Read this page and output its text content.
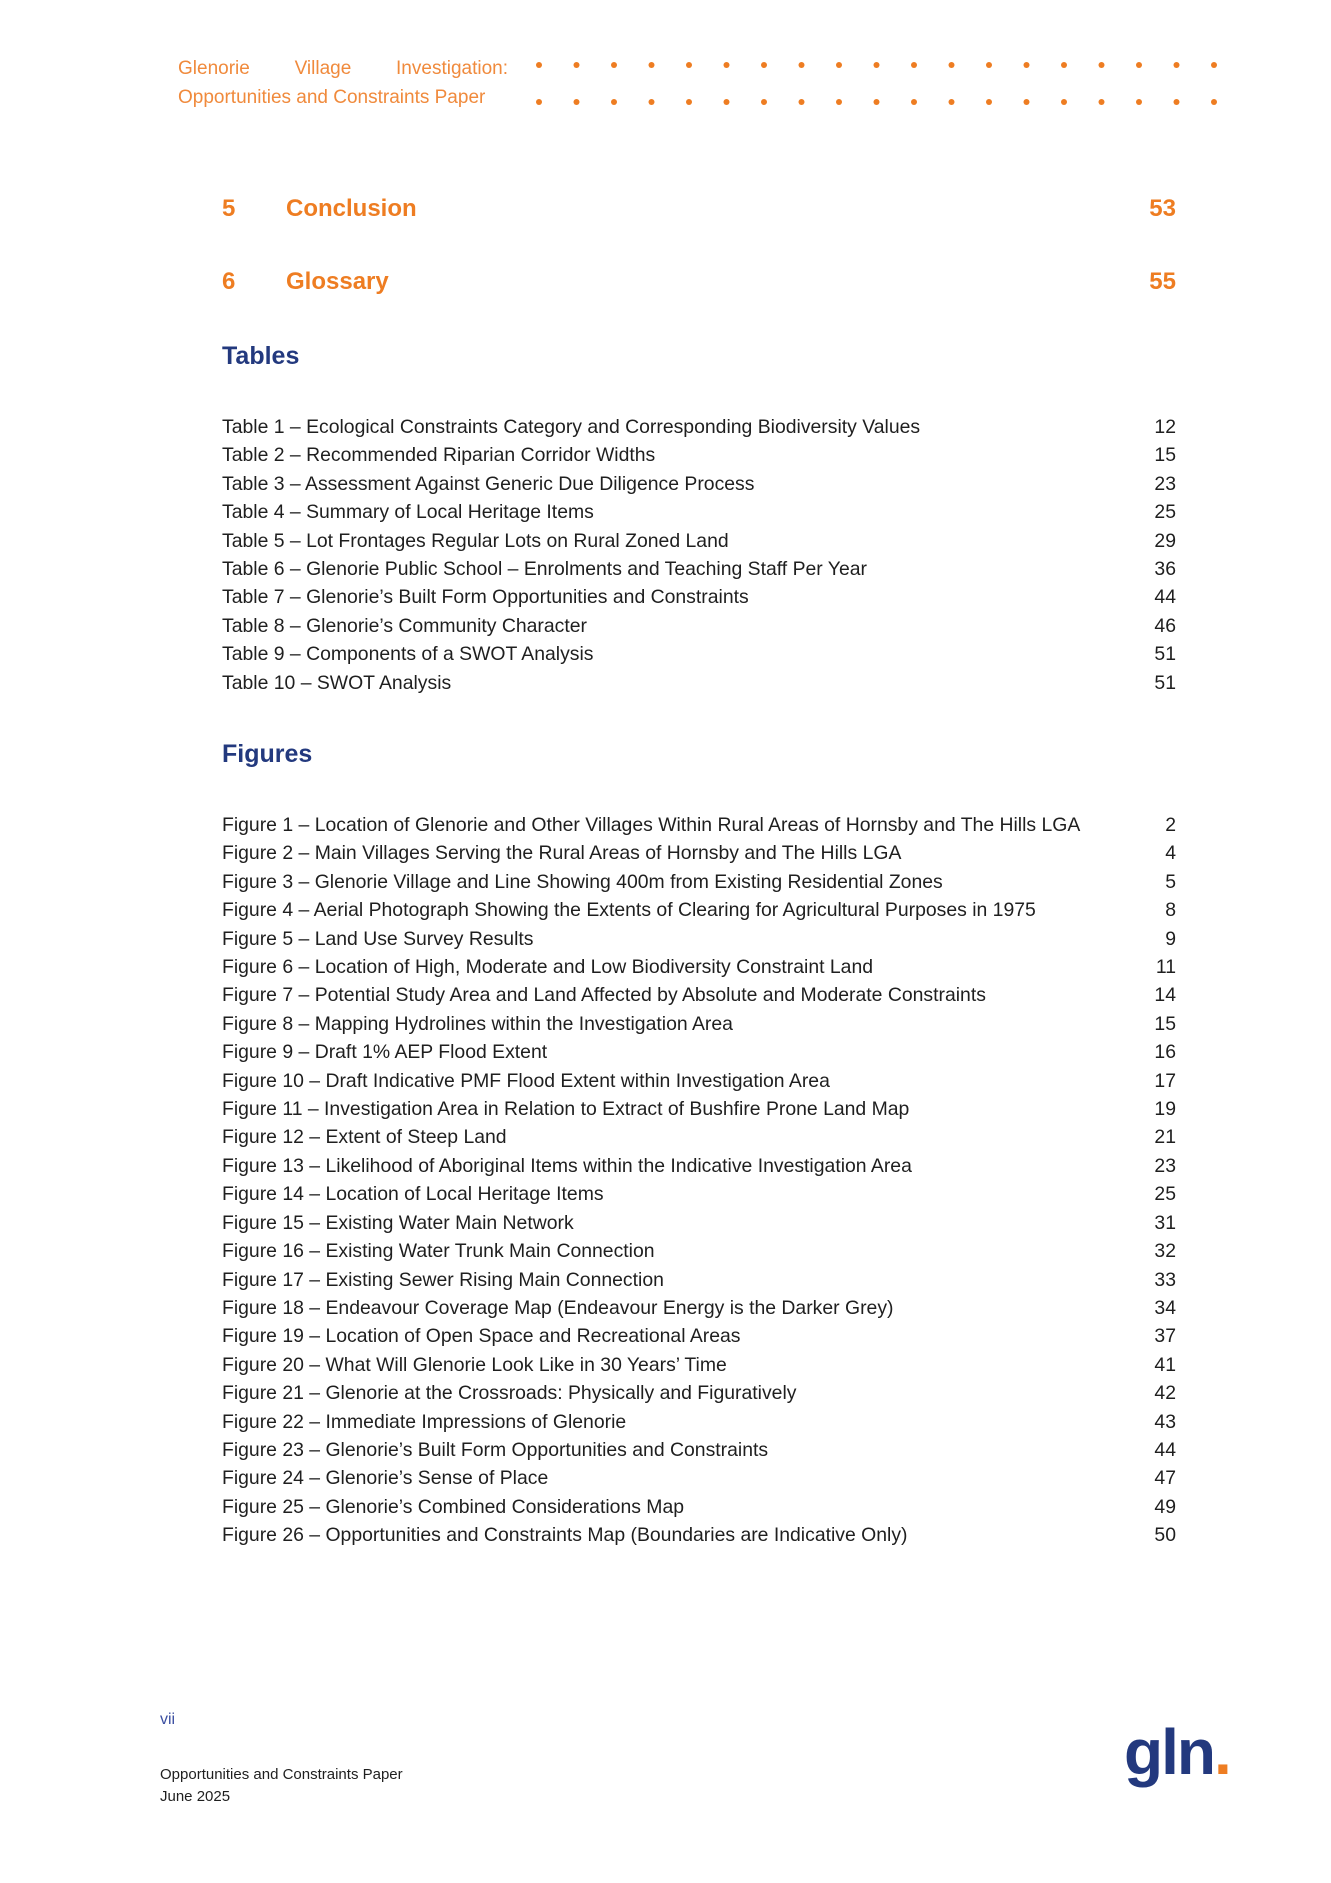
Glenorie Village Investigation:
Opportunities and Constraints Paper
5 Conclusion	53
6 Glossary	55
Tables
Table 1 – Ecological Constraints Category and Corresponding Biodiversity Values	12
Table 2 – Recommended Riparian Corridor Widths	15
Table 3 – Assessment Against Generic Due Diligence Process	23
Table 4 – Summary of Local Heritage Items	25
Table 5 – Lot Frontages Regular Lots on Rural Zoned Land	29
Table 6 – Glenorie Public School – Enrolments and Teaching Staff Per Year	36
Table 7 – Glenorie’s Built Form Opportunities and Constraints	44
Table 8 – Glenorie’s Community Character	46
Table 9 – Components of a SWOT Analysis	51
Table 10 – SWOT Analysis	51
Figures
Figure 1 – Location of Glenorie and Other Villages Within Rural Areas of Hornsby and The Hills LGA	2
Figure 2 – Main Villages Serving the Rural Areas of Hornsby and The Hills LGA	4
Figure 3 – Glenorie Village and Line Showing 400m from Existing Residential Zones	5
Figure 4 – Aerial Photograph Showing the Extents of Clearing for Agricultural Purposes in 1975	8
Figure 5 – Land Use Survey Results	9
Figure 6 – Location of High, Moderate and Low Biodiversity Constraint Land	11
Figure 7 – Potential Study Area and Land Affected by Absolute and Moderate Constraints	14
Figure 8 – Mapping Hydrolines within the Investigation Area	15
Figure 9 – Draft 1% AEP Flood Extent	16
Figure 10 – Draft Indicative PMF Flood Extent within Investigation Area	17
Figure 11 – Investigation Area in Relation to Extract of Bushfire Prone Land Map	19
Figure 12 – Extent of Steep Land	21
Figure 13 – Likelihood of Aboriginal Items within the Indicative Investigation Area	23
Figure 14 – Location of Local Heritage Items	25
Figure 15 – Existing Water Main Network	31
Figure 16 – Existing Water Trunk Main Connection	32
Figure 17 – Existing Sewer Rising Main Connection	33
Figure 18 – Endeavour Coverage Map (Endeavour Energy is the Darker Grey)	34
Figure 19 – Location of Open Space and Recreational Areas	37
Figure 20 – What Will Glenorie Look Like in 30 Years’ Time	41
Figure 21 – Glenorie at the Crossroads: Physically and Figuratively	42
Figure 22 – Immediate Impressions of Glenorie	43
Figure 23 – Glenorie’s Built Form Opportunities and Constraints	44
Figure 24 – Glenorie’s Sense of Place	47
Figure 25 – Glenorie’s Combined Considerations Map	49
Figure 26 – Opportunities and Constraints Map (Boundaries are Indicative Only)	50
vii
Opportunities and Constraints Paper
June 2025
gln.
